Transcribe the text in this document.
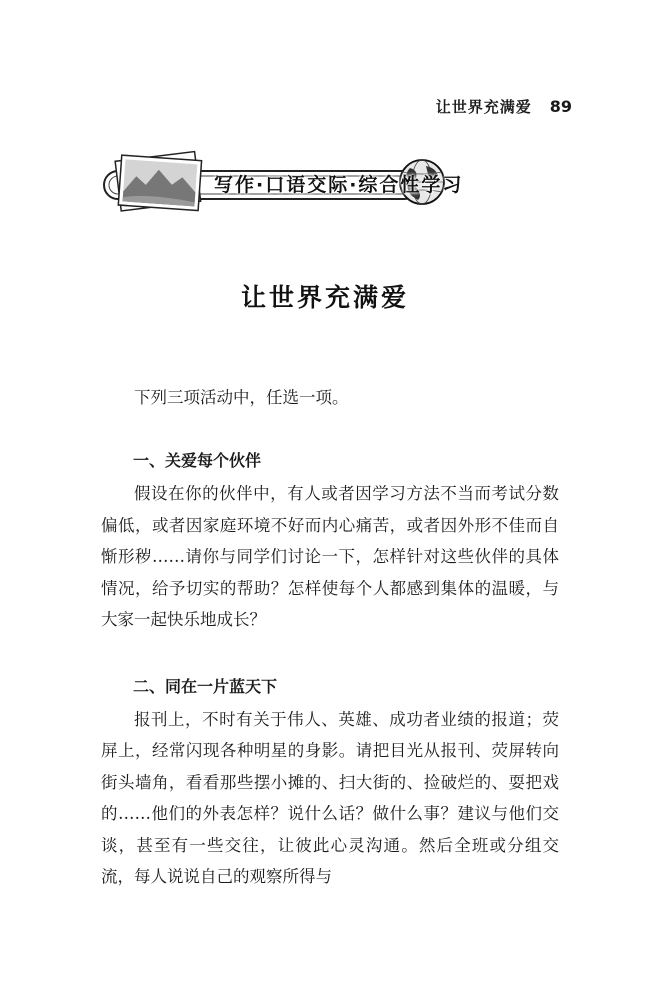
让世界充满爱 89
写作·口语交际·综合性学习
让世界充满爱

下列三项活动中，任选一项。

一、关爱每个伙伴

假设在你的伙伴中，有人或者因学习方法不当而考试分数偏低，或者因家庭环境不好而内心痛苦，或者因外形不佳而自惭形秽……请你与同学们讨论一下，怎样针对这些伙伴的具体情况，给予切实的帮助？怎样使每个人都感到集体的温暖，与大家一起快乐地成长？

二、同在一片蓝天下

报刊上，不时有关于伟人、英雄、成功者业绩的报道；荧屏上，经常闪现各种明星的身影。请把目光从报刊、荧屏转向街头墙角，看看那些摆小摊的、扫大街的、捡破烂的、耍把戏的……他们的外表怎样？说什么话？做什么事？建议与他们交谈，甚至有一些交往，让彼此心灵沟通。然后全班或分组交流，每人说说自己的观察所得与
